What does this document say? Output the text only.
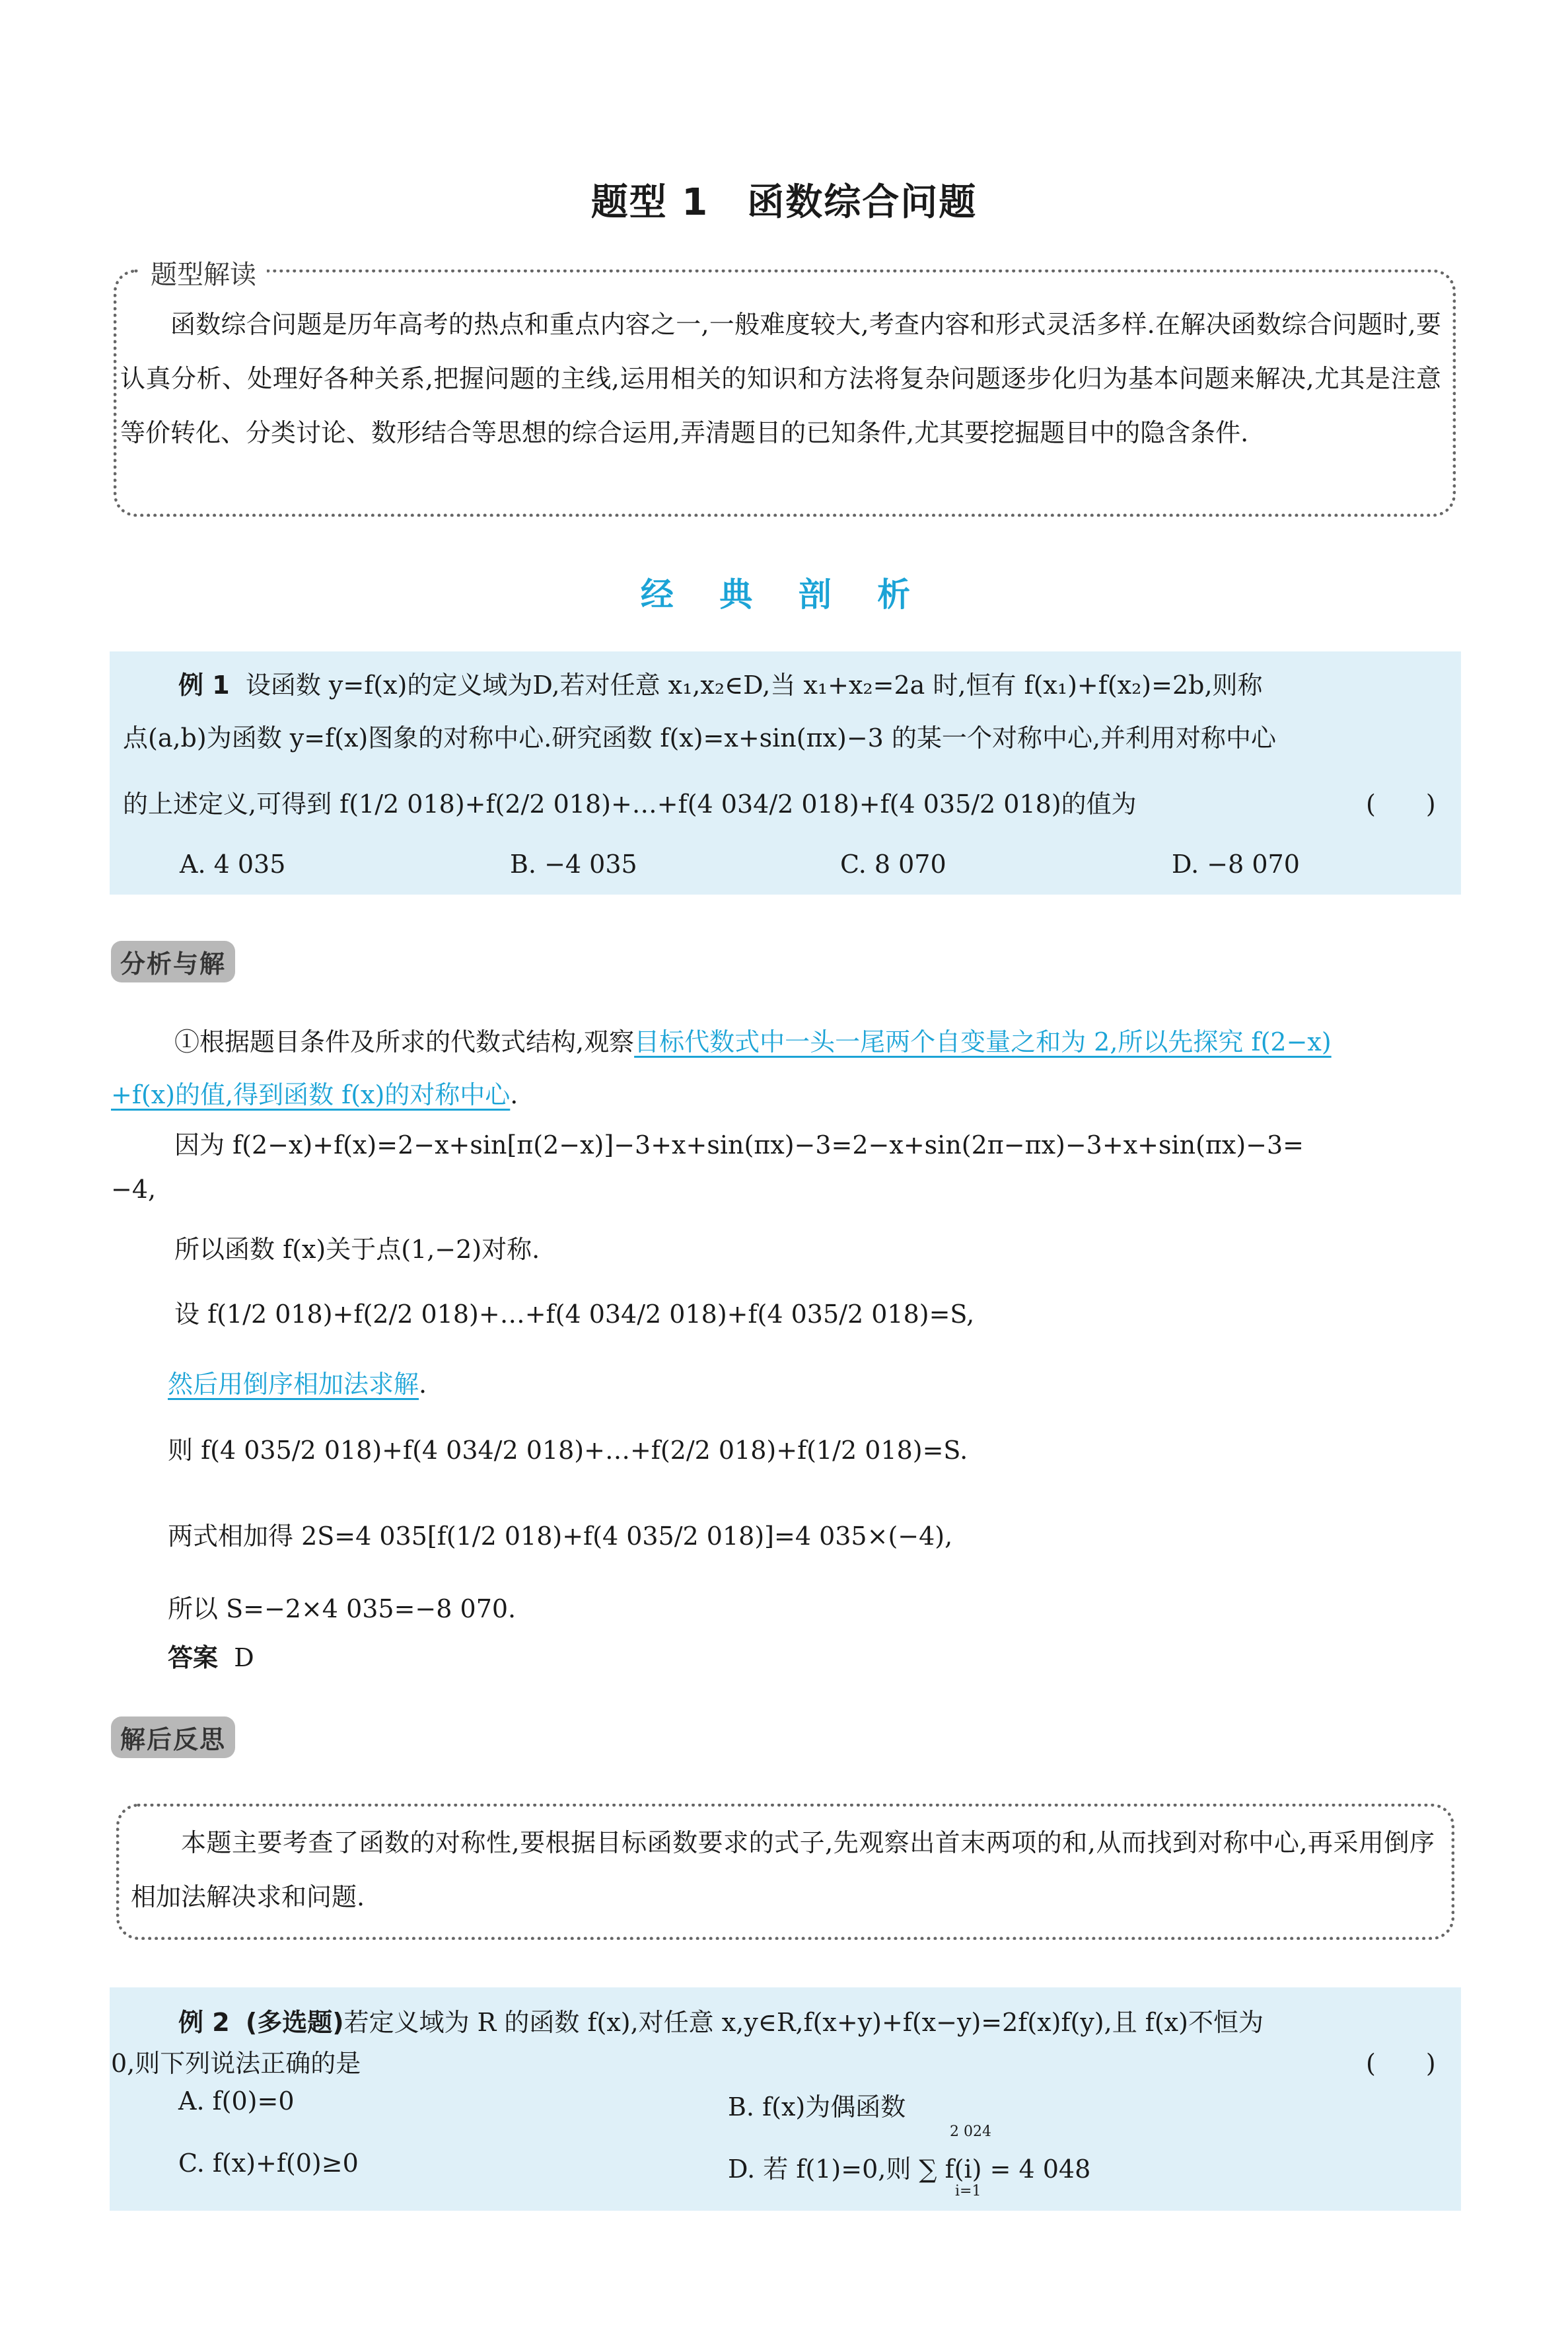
题型 1　函数综合问题
题型解读

函数综合问题是历年高考的热点和重点内容之一,一般难度较大,考查内容和形式灵活多样.在解决函数综合问题时,要认真分析、处理好各种关系,把握问题的主线,运用相关的知识和方法将复杂问题逐步化归为基本问题来解决,尤其是注意等价转化、分类讨论、数形结合等思想的综合运用,弄清题目的已知条件,尤其要挖掘题目中的隐含条件.

经 典 剖 析
例 1 设函数 y=f(x)的定义域为D,若对任意 x₁,x₂∈D,当 x₁+x₂=2a 时,恒有 f(x₁)+f(x₂)=2b,则称
点(a,b)为函数 y=f(x)图象的对称中心.研究函数 f(x)=x+sin(πx)−3 的某一个对称中心,并利用对称中心
的上述定义,可得到 f(1/2 018)+f(2/2 018)+…+f(4 034/2 018)+f(4 035/2 018)的值为	(　　)
A. 4 035	B. −4 035	C. 8 070	D. −8 070
分析与解
①根据题目条件及所求的代数式结构,观察目标代数式中一头一尾两个自变量之和为 2,所以先探究 f(2−x)
+f(x)的值,得到函数 f(x)的对称中心.
因为 f(2−x)+f(x)=2−x+sin[π(2−x)]−3+x+sin(πx)−3=2−x+sin(2π−πx)−3+x+sin(πx)−3=
−4,
所以函数 f(x)关于点(1,−2)对称.
设 f(1/2 018)+f(2/2 018)+…+f(4 034/2 018)+f(4 035/2 018)=S,
然后用倒序相加法求解.
则 f(4 035/2 018)+f(4 034/2 018)+…+f(2/2 018)+f(1/2 018)=S.
两式相加得 2S=4 035[f(1/2 018)+f(4 035/2 018)]=4 035×(−4),
所以 S=−2×4 035=−8 070.
答案 D
解后反思

本题主要考查了函数的对称性,要根据目标函数要求的式子,先观察出首末两项的和,从而找到对称中心,再采用倒序相加法解决求和问题.

例 2 (多选题)若定义域为 R 的函数 f(x),对任意 x,y∈R,f(x+y)+f(x−y)=2f(x)f(y),且 f(x)不恒为
0,则下列说法正确的是	(　　)
A. f(0)=0	B. f(x)为偶函数
C. f(x)+f(0)≥0	D. 若 f(1)=0,则 ∑ f(i) = 4 048
2 024
i=1
